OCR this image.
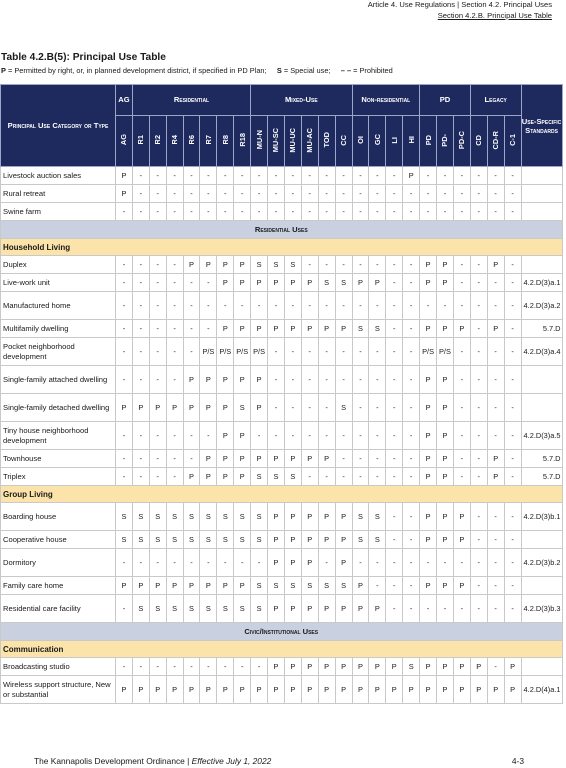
Article 4. Use Regulations | Section 4.2. Principal Uses
Section 4.2.B. Principal Use Table
Table 4.2.B(5): Principal Use Table
P = Permitted by right, or, in planned development district, if specified in PD Plan; S = Special use; – – = Prohibited
Principal Use Category or Type	AG	Residential							Mixed-Use						Non-residential				PD			Legacy			Use-Specific Standards
	AG	R1	R2	R4	R6	R7	R8	R18	MU-N	MU-SC	MU-UC	MU-AC	TOD	CC	OI	GC	LI	HI	PD	PD-	PD-C	CD	CD-R	C-1	
Livestock auction sales	P	-	-	-	-	-	-	-	-	-	-	-	-	-	-	-	-	P	-	-	-	-	-	-	
Rural retreat	P	-	-	-	-	-	-	-	-	-	-	-	-	-	-	-	-	-	-	-	-	-	-	-	
Swine farm	-	-	-	-	-	-	-	-	-	-	-	-	-	-	-	-	-	-	-	-	-	-	-	-	
Residential Uses																									
Household Living																									
Duplex	-	-	-	-	P	P	P	P	S	S	S	-	-	-	-	-	-	-	P	P	-	-	P	-	
Live-work unit	-	-	-	-	-	-	P	P	P	P	P	P	S	S	P	P	-	-	P	P	-	-	-	-	4.2.D(3)a.1
Manufactured home	-	-	-	-	-	-	-	-	-	-	-	-	-	-	-	-	-	-	-	-	-	-	-	-	4.2.D(3)a.2
Multifamily dwelling	-	-	-	-	-	-	P	P	P	P	P	P	P	P	S	S	-	-	P	P	P	-	P	-	5.7.D
Pocket neighborhood development	-	-	-	-	-	P/S	P/S	P/S	P/S	-	-	-	-	-	-	-	-	-	P/S	P/S	-	-	-	-	4.2.D(3)a.4
Single-family attached dwelling	-	-	-	-	P	P	P	P	P	-	-	-	-	-	-	-	-	-	P	P	-	-	-	-	
Single-family detached dwelling	P	P	P	P	P	P	P	S	P	-	-	-	-	S	-	-	-	-	P	P	-	-	-	-	
Tiny house neighborhood development	-	-	-	-	-	-	P	P	-	-	-	-	-	-	-	-	-	-	P	P	-	-	-	-	4.2.D(3)a.5
Townhouse	-	-	-	-	-	P	P	P	P	P	P	P	P	-	-	-	-	-	P	P	-	-	P	-	5.7.D
Triplex	-	-	-	-	P	P	P	P	S	S	S	-	-	-	-	-	-	-	P	P	-	-	P	-	5.7.D
Group Living																									
Boarding house	S	S	S	S	S	S	S	S	S	P	P	P	P	P	S	S	-	-	P	P	P	-	-	-	4.2.D(3)b.1
Cooperative house	S	S	S	S	S	S	S	S	S	P	P	P	P	P	S	S	-	-	P	P	P	-	-	-	
Dormitory	-	-	-	-	-	-	-	-	-	P	P	P	-	P	-	-	-	-	-	-	-	-	-	-	4.2.D(3)b.2
Family care home	P	P	P	P	P	P	P	P	S	S	S	S	S	S	P	-	-	-	P	P	P	-	-	-	
Residential care facility	-	S	S	S	S	S	S	S	S	P	P	P	P	P	P	P	-	-	-	-	-	-	-	-	4.2.D(3)b.3
Civic/Institutional Uses																									
Communication																									
Broadcasting studio	-	-	-	-	-	-	-	-	-	P	P	P	P	P	P	P	P	S	P	P	P	P	-	P	
Wireless support structure, New or substantial	P	P	P	P	P	P	P	P	P	P	P	P	P	P	P	P	P	P	P	P	P	P	P	P	4.2.D(4)a.1
The Kannapolis Development Ordinance | Effective July 1, 2022	4-3
